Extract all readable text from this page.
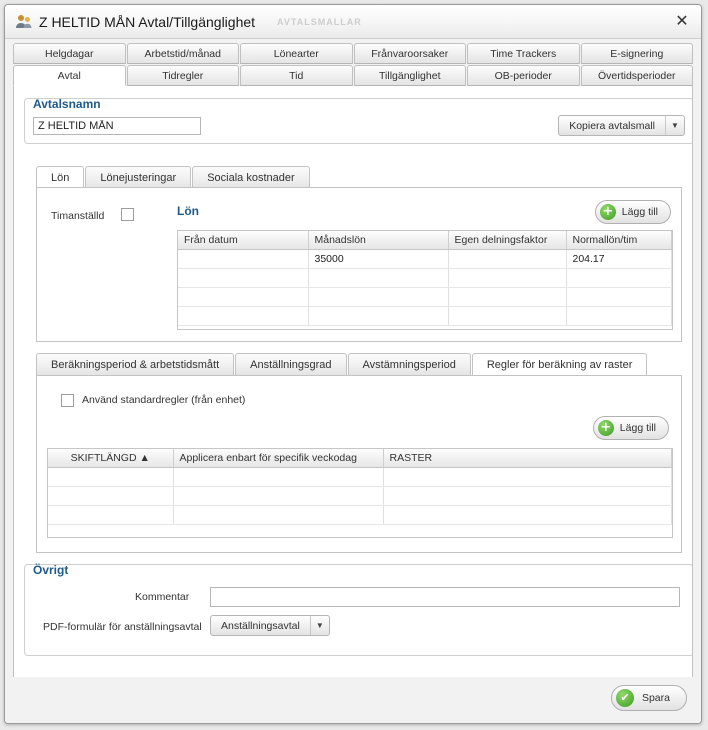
Z HELTID MÅN Avtal/Tillgänglighet AVTALSMALLAR	✕
Helgdagar	Arbetstid/månad	Lönearter	Frånvaroorsaker	Time Trackers	E-signering
Avtal	Tidregler	Tid	Tillgänglighet	OB-perioder	Övertidsperioder
Avtalsnamn
Z HELTID MÅN
Kopiera avtalsmall	▼
Lön	Lönejusteringar	Sociala kostnader
Timanställd	Lön	+ Lägg till
Från datum	Månadslön	Egen delningsfaktor	Normallön/tim
	35000		204.17

Beräkningsperiod & arbetstidsmått	Anställningsgrad	Avstämningsperiod	Regler för beräkning av raster
Använd standardregler (från enhet)
+ Lägg till
SKIFTLÄNGD ▲	Applicera enbart för specifik veckodag	RASTER

Övrigt
Kommentar
PDF-formulär för anställningsavtal	Anställningsavtal	▼
✔	Spara
